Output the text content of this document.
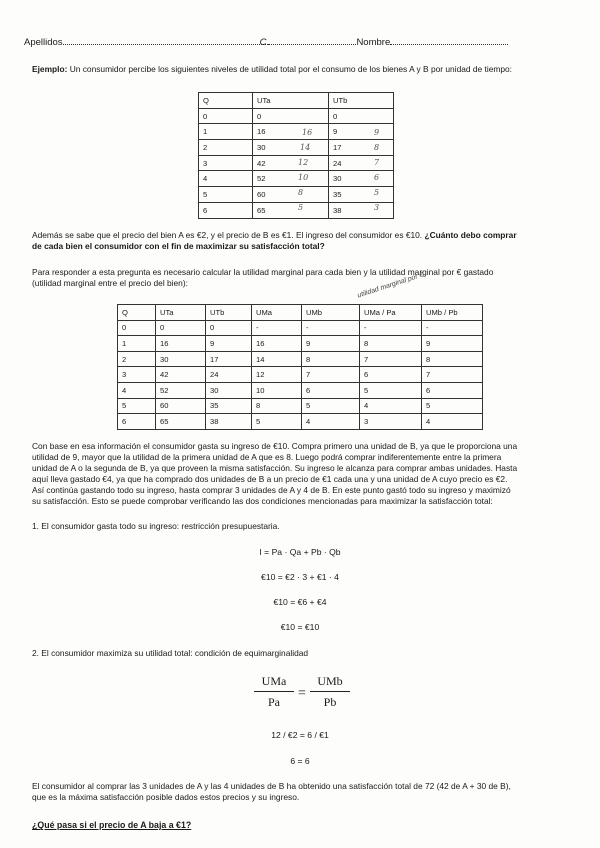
Apellidos	C	Nombre
Ejemplo: Un consumidor percibe los siguientes niveles de utilidad total por el consumo de los bienes A y B por unidad de tiempo:
Q	UTa	UTb
0	0	0
1	16	9
2	30	17
3	42	24
4	52	30
5	60	35
6	65	38
16
14
12
10
8
5
9
8
7
6
5
3
Además se sabe que el precio del bien A es €2, y el precio de B es €1. El ingreso del consumidor es €10. ¿Cuánto debo comprar
de cada bien el consumidor con el fin de maximizar su satisfacción total?
Para responder a esta pregunta es necesario calcular la utilidad marginal para cada bien y la utilidad marginal por € gastado
(utilidad marginal entre el precio del bien):	utilidad marginal por €
Q	UTa	UTb	UMa	UMb	UMa / Pa	UMb / Pb
0	0	0	-	-	-	-
1	16	9	16	9	8	9
2	30	17	14	8	7	8
3	42	24	12	7	6	7
4	52	30	10	6	5	6
5	60	35	8	5	4	5
6	65	38	5	4	3	4
Con base en esa información el consumidor gasta su ingreso de €10. Compra primero una unidad de B, ya que le proporciona una
utilidad de 9, mayor que la utilidad de la primera unidad de A que es 8. Luego podrá comprar indiferentemente entre la primera
unidad de A o la segunda de B, ya que proveen la misma satisfacción. Su ingreso le alcanza para comprar ambas unidades. Hasta
aquí lleva gastado €4, ya que ha comprado dos unidades de B a un precio de €1 cada una y una unidad de A cuyo precio es €2.
Así continúa gastando todo su ingreso, hasta comprar 3 unidades de A y 4 de B. En este punto gastó todo su ingreso y maximizó
su satisfacción. Esto se puede comprobar verificando las dos condiciones mencionadas para maximizar la satisfacción total:
1. El consumidor gasta todo su ingreso: restricción presupuestaria.
I = Pa · Qa + Pb · Qb
€10 = €2 · 3 + €1 · 4
€10 = €6 + €4
€10 = €10
2. El consumidor maximiza su utilidad total: condición de equimarginalidad
UMa
Pa
=
UMb
Pb
12 / €2 = 6 / €1
6 = 6
El consumidor al comprar las 3 unidades de A y las 4 unidades de B ha obtenido una satisfacción total de 72 (42 de A + 30 de B),
que es la máxima satisfacción posible dados estos precios y su ingreso.
¿Qué pasa si el precio de A baja a €1?
